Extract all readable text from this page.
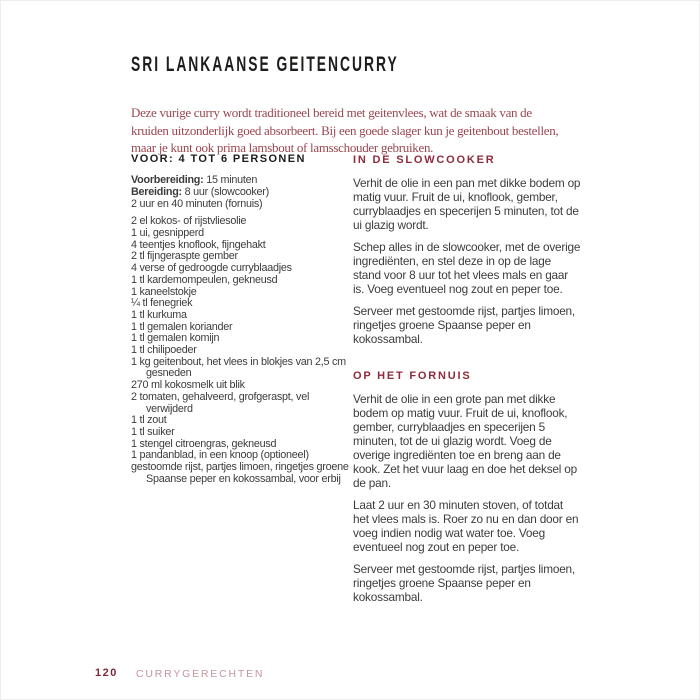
SRI LANKAANSE GEITENCURRY

Deze vurige curry wordt traditioneel bereid met geitenvlees, wat de smaak van de kruiden uitzonderlijk goed absorbeert. Bij een goede slager kun je geitenbout bestellen, maar je kunt ook prima lamsbout of lamsschouder gebruiken.

VOOR: 4 TOT 6 PERSONEN
Voorbereiding: 15 minuten
Bereiding: 8 uur (slowcooker)
2 uur en 40 minuten (fornuis)
2 el kokos- of rijstvliesolie
1 ui, gesnipperd
4 teentjes knoflook, fijngehakt
2 tl fijngeraspte gember
4 verse of gedroogde curryblaadjes
1 tl kardemompeulen, gekneusd
1 kaneelstokje
¼ tl fenegriek
1 tl kurkuma
1 tl gemalen koriander
1 tl gemalen komijn
1 tl chilipoeder
1 kg geitenbout, het vlees in blokjes van 2,5 cm gesneden
270 ml kokosmelk uit blik
2 tomaten, gehalveerd, grofgeraspt, vel verwijderd
1 tl zout
1 tl suiker
1 stengel citroengras, gekneusd
1 pandanblad, in een knoop (optioneel)
gestoomde rijst, partjes limoen, ringetjes groene Spaanse peper en kokossambal, voor erbij
IN DE SLOWCOOKER

Verhit de olie in een pan met dikke bodem op matig vuur. Fruit de ui, knoflook, gember, curryblaadjes en specerijen 5 minuten, tot de ui glazig wordt.

Schep alles in de slowcooker, met de overige ingrediënten, en stel deze in op de lage stand voor 8 uur tot het vlees mals en gaar is. Voeg eventueel nog zout en peper toe.

Serveer met gestoomde rijst, partjes limoen, ringetjes groene Spaanse peper en kokossambal.

OP HET FORNUIS

Verhit de olie in een grote pan met dikke bodem op matig vuur. Fruit de ui, knoflook, gember, curryblaadjes en specerijen 5 minuten, tot de ui glazig wordt. Voeg de overige ingrediënten toe en breng aan de kook. Zet het vuur laag en doe het deksel op de pan.

Laat 2 uur en 30 minuten stoven, of totdat het vlees mals is. Roer zo nu en dan door en voeg indien nodig wat water toe. Voeg eventueel nog zout en peper toe.

Serveer met gestoomde rijst, partjes limoen, ringetjes groene Spaanse peper en kokossambal.

120 CURRYGERECHTEN
